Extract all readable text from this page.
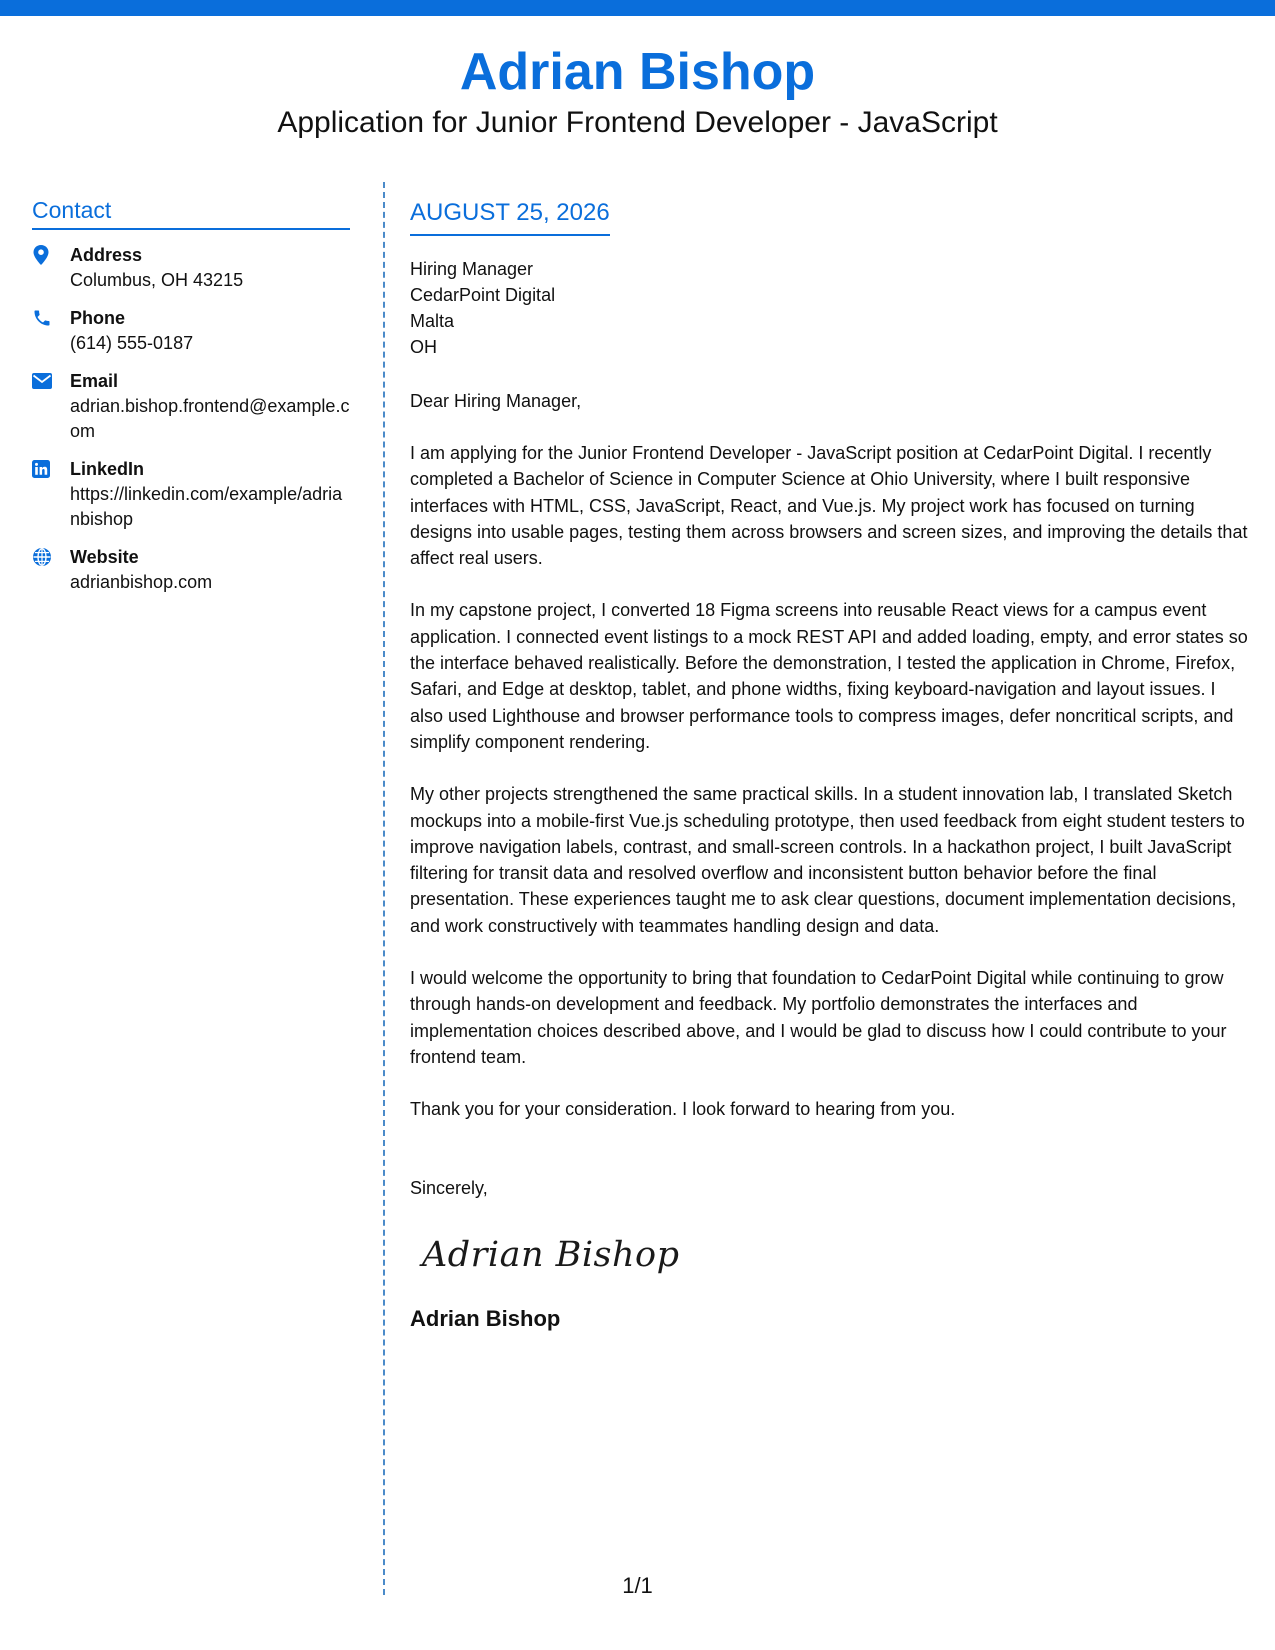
Adrian Bishop
Application for Junior Frontend Developer - JavaScript
Contact
Address
Columbus, OH 43215
Phone
(614) 555-0187
Email
adrian.bishop.frontend@example.com
LinkedIn
https://linkedin.com/example/adrianbishop
Website
adrianbishop.com
AUGUST 25, 2026
Hiring Manager
CedarPoint Digital
Malta
OH
Dear Hiring Manager,
I am applying for the Junior Frontend Developer - JavaScript position at CedarPoint Digital. I recently completed a Bachelor of Science in Computer Science at Ohio University, where I built responsive interfaces with HTML, CSS, JavaScript, React, and Vue.js. My project work has focused on turning designs into usable pages, testing them across browsers and screen sizes, and improving the details that affect real users.
In my capstone project, I converted 18 Figma screens into reusable React views for a campus event application. I connected event listings to a mock REST API and added loading, empty, and error states so the interface behaved realistically. Before the demonstration, I tested the application in Chrome, Firefox, Safari, and Edge at desktop, tablet, and phone widths, fixing keyboard-navigation and layout issues. I also used Lighthouse and browser performance tools to compress images, defer noncritical scripts, and simplify component rendering.
My other projects strengthened the same practical skills. In a student innovation lab, I translated Sketch mockups into a mobile-first Vue.js scheduling prototype, then used feedback from eight student testers to improve navigation labels, contrast, and small-screen controls. In a hackathon project, I built JavaScript filtering for transit data and resolved overflow and inconsistent button behavior before the final presentation. These experiences taught me to ask clear questions, document implementation decisions, and work constructively with teammates handling design and data.
I would welcome the opportunity to bring that foundation to CedarPoint Digital while continuing to grow through hands-on development and feedback. My portfolio demonstrates the interfaces and implementation choices described above, and I would be glad to discuss how I could contribute to your frontend team.
Thank you for your consideration. I look forward to hearing from you.
Sincerely,
Adrian Bishop
Adrian Bishop
1/1
